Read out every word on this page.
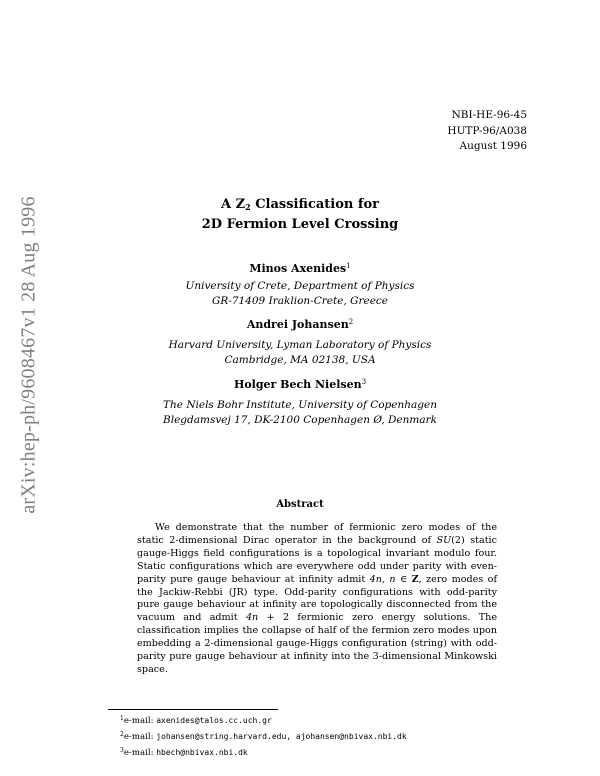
NBI-HE-96-45
HUTP-96/A038
August 1996
arXiv:hep-ph/9608467v1 28 Aug 1996	A $Z_2$ Classification for
2D Fermion Level Crossing
Minos Axenides$^1$
University of Crete, Department of Physics
GR-71409 Iraklion-Crete, Greece
Andrei Johansen$^2$
Harvard University, Lyman Laboratory of Physics
Cambridge, MA 02138, USA
Holger Bech Nielsen$^3$
The Niels Bohr Institute, University of Copenhagen
Blegdamsvej 17, DK-2100 Copenhagen Ø, Denmark
Abstract
We demonstrate that the number of fermionic zero modes of the static 2-dimensional Dirac operator in the background of SU(2) static gauge-Higgs field configurations is a topological invariant modulo four. Static configurations which are everywhere odd under parity with even-parity pure gauge behaviour at infinity admit 4n, n ∈ Z, zero modes of the Jackiw-Rebbi (JR) type. Odd-parity configurations with odd-parity pure gauge behaviour at infinity are topologically disconnected from the vacuum and admit 4n + 2 fermionic zero energy solutions. The classification implies the collapse of half of the fermion zero modes upon embedding a 2-dimensional gauge-Higgs configuration (string) with odd-parity pure gauge behaviour at infinity into the 3-dimensional Minkowski space.
$^1$e-mail: axenides@talos.cc.uch.gr
$^2$e-mail: johansen@string.harvard.edu, ajohansen@nbivax.nbi.dk
$^3$e-mail: hbech@nbivax.nbi.dk
